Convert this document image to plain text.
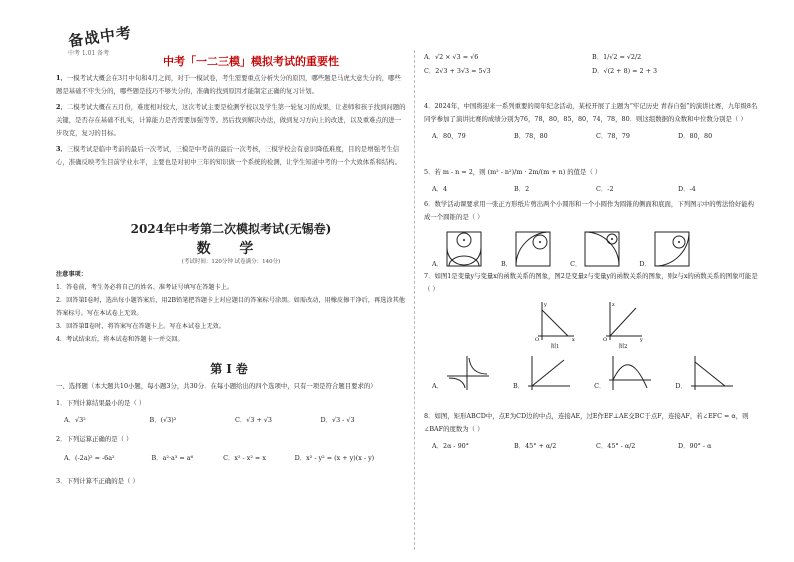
备战中考
中考 1.01 备考
中考「一二三模」模拟考试的重要性

1．一模考试大概会在3月中旬和4月之间，对于一模试卷，考生需要重点分析失分的原因，哪些题是马虎大意失分的，哪些题是基础不牢失分的，哪些题是技巧不够失分的，准确的找到原因才能制定正确的复习计划。

2．二模考试大概在五月份，难度相对较大，这次考试主要是检测学校以及学生第一轮复习的成果，让老师和孩子找到问题的关键，是否存在基础不扎实，计算能力是否需要加强等等。然后找到解决办法，做到复习方向上的改进，以及重难点的进一步攻克，复习的目标。

3．三模考试是临中考前的最后一次考试，三模是中考前的最后一次考核，三模学校会有意识降低难度，目的是增强考生信心，准确反映考生目前学业水平，主要也是对初中三年的知识做一个系统的检测，让学生知道中考的一个大致体系和结构。

2024年中考第二次模拟考试(无锡卷)
数 学
(考试时间：120分钟 试卷满分：140分)
注意事项：
1．答卷前，考生务必将自己的姓名、准考证号填写在答题卡上。
2．回答第Ⅰ卷时，选出每小题答案后，用2B铅笔把答题卡上对应题目的答案标号涂黑。如需改动，用橡皮擦干净后，再选涂其他答案标号。写在本试卷上无效。
3．回答第Ⅱ卷时，将答案写在答题卡上。写在本试卷上无效。
4．考试结束后，将本试卷和答题卡一并交回。
第Ⅰ卷

一、选择题（本大题共10小题，每小题3分，共30分．在每小题给出的四个选项中，只有一项是符合题目要求的）

1．下列计算结果最小的是（ ）

A．√3²	B．(√3)²	C．√3 + √3	D．√3 - √3

2．下列运算正确的是（ ）

A．(-2a)² = -6a²	B．a²·a³ = a⁶	C．x² - x² = x	D．x² - y² = (x + y)(x - y)

3．下列计算不正确的是（ ）

A．√2 × √3 = √6	B．1/√2 = √2/2
C．2√3 + 3√3 = 5√3	D．√(2 + 8) = 2 + 3

4．2024年，中国将迎来一系列重要的周年纪念活动，某校开展了主题为“牢记历史 青春自强”的演讲比赛，九年级8名同学参加了演讲比赛的成绩分别为76，78，80，85，80，74，78，80．则这组数据的众数和中位数分别是（ ）

A．80，79	B．78，80	C．78，79	D．80，80

5．若 m - n = 2，则 (m² - n²)/m · 2m/(m + n) 的值是（ ）

A．4	B．2	C．-2	D．-4

6．数学活动课要求用一张正方形纸片剪出两个小圆形和一个小圆作为圆锥的侧面和底面，下列图示中的剪法恰好能构成一个圆锥的是（ ）

A．	B．	C．	D．

7．如图1是变量y与变量x的函数关系的图象，图2是变量z与变量y的函数关系的图象，则z与x的函数关系的图象可能是（ ）

O	x
y
图1
O	y
z
图2
A．	B．	C．	D．

8．如图，矩形ABCD中，点E为CD边的中点，连接AE，过E作EF⊥AE交BC于点F，连接AF，若∠EFC = α，则∠BAF的度数为（ ）

A．2α - 90°	B．45° + α/2	C．45° - α/2	D．90° - α
